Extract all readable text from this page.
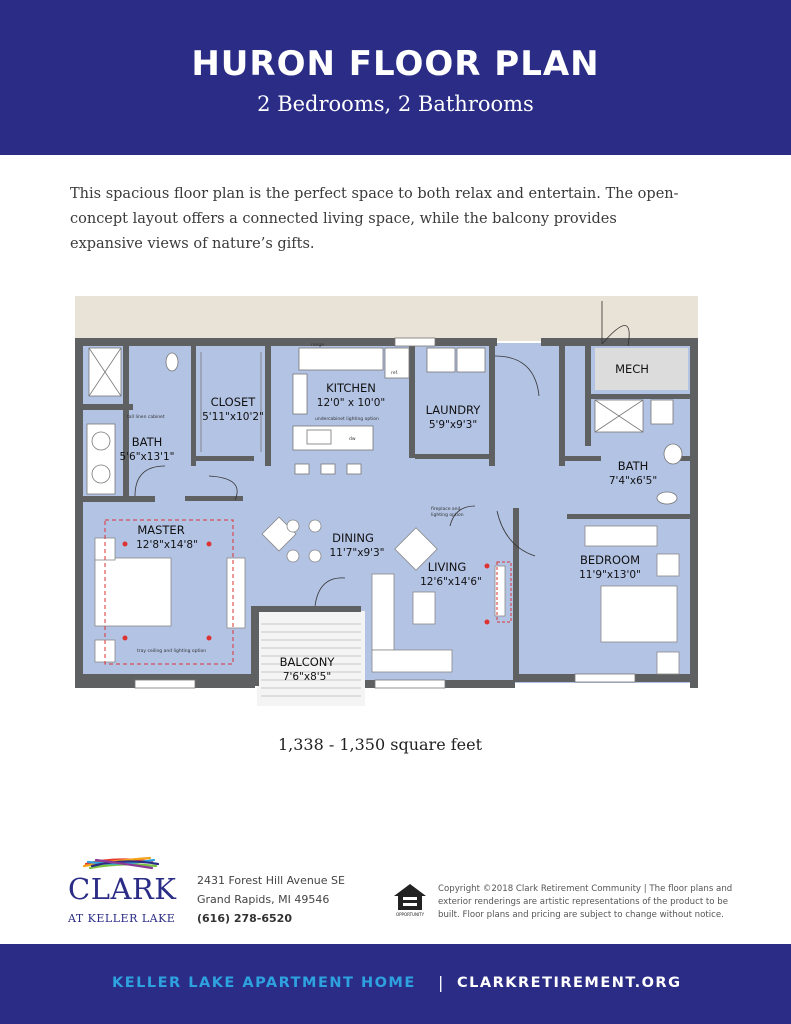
HURON FLOOR PLAN
2 Bedrooms, 2 Bathrooms

This spacious floor plan is the perfect space to both relax and entertain. The open-concept layout offers a connected living space, while the balcony provides expansive views of nature’s gifts.

CLOSET
5'11"x10'2"
KITCHEN
12'0" x 10'0"	LAUNDRY
5'9"x9'3"
MECH
BATH
5'6"x13'1"
BATH
7'4"x6'5"
MASTER
12'8"x14'8"	DINING
11'7"x9'3"
LIVING
12'6"x14'6"
BEDROOM
11'9"x13'0"
BALCONY
7'6"x8'5"
tall linen cabinet
range
ref.
dw
undercabinet lighting option
fireplace and
lighting option
tray ceiling and lighting option
1,338 - 1,350 square feet
CLARK
AT KELLER LAKE
2431 Forest Hill Avenue SE
Grand Rapids, MI 49546
(616) 278-6520	OPPORTUNITY
Copyright ©2018 Clark Retirement Community | The floor plans and exterior renderings are artistic representations of the product to be built. Floor plans and pricing are subject to change without notice.
KELLER LAKE APARTMENT HOME | CLARKRETIREMENT.ORG
